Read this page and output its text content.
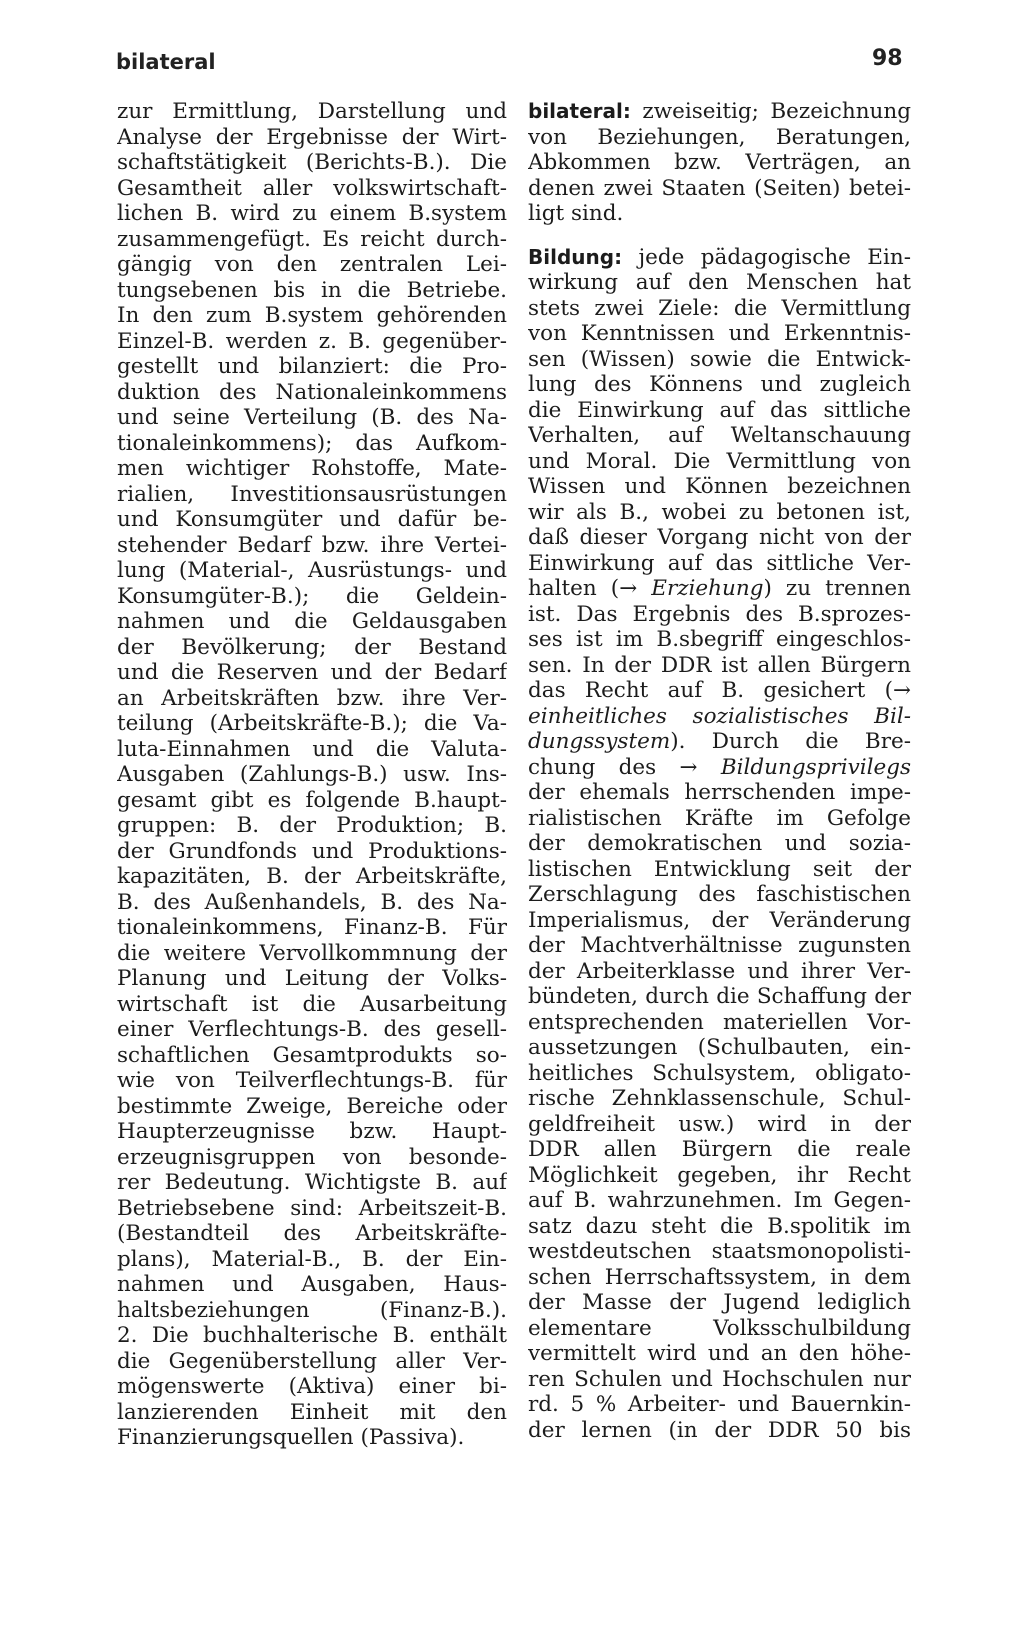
bilateral	98
zur Ermittlung, Darstellung und
Analyse der Ergebnisse der Wirt-
schaftstätigkeit (Berichts-B.). Die
Gesamtheit aller volkswirtschaft-
lichen B. wird zu einem B.system
zusammengefügt. Es reicht durch-
gängig von den zentralen Lei-
tungsebenen bis in die Betriebe.
In den zum B.system gehörenden
Einzel-B. werden z. B. gegenüber-
gestellt und bilanziert: die Pro-
duktion des Nationaleinkommens
und seine Verteilung (B. des Na-
tionaleinkommens); das Aufkom-
men wichtiger Rohstoffe, Mate-
rialien, Investitionsausrüstungen
und Konsumgüter und dafür be-
stehender Bedarf bzw. ihre Vertei-
lung (Material-, Ausrüstungs- und
Konsumgüter-B.); die Geldein-
nahmen und die Geldausgaben
der Bevölkerung; der Bestand
und die Reserven und der Bedarf
an Arbeitskräften bzw. ihre Ver-
teilung (Arbeitskräfte-B.); die Va-
luta-Einnahmen und die Valuta-
Ausgaben (Zahlungs-B.) usw. Ins-
gesamt gibt es folgende B.haupt-
gruppen: B. der Produktion; B.
der Grundfonds und Produktions-
kapazitäten, B. der Arbeitskräfte,
B. des Außenhandels, B. des Na-
tionaleinkommens, Finanz-B. Für
die weitere Vervollkommnung der
Planung und Leitung der Volks-
wirtschaft ist die Ausarbeitung
einer Verflechtungs-B. des gesell-
schaftlichen Gesamtprodukts so-
wie von Teilverflechtungs-B. für
bestimmte Zweige, Bereiche oder
Haupterzeugnisse bzw. Haupt-
erzeugnisgruppen von besonde-
rer Bedeutung. Wichtigste B. auf
Betriebsebene sind: Arbeitszeit-B.
(Bestandteil des Arbeitskräfte-
plans), Material-B., B. der Ein-
nahmen und Ausgaben, Haus-
haltsbeziehungen (Finanz-B.).
2. Die buchhalterische B. enthält
die Gegenüberstellung aller Ver-
mögenswerte (Aktiva) einer bi-
lanzierenden Einheit mit den
Finanzierungsquellen (Passiva).
bilateral: zweiseitig; Bezeichnung
von Beziehungen, Beratungen,
Abkommen bzw. Verträgen, an
denen zwei Staaten (Seiten) betei-
ligt sind.
Bildung: jede pädagogische Ein-
wirkung auf den Menschen hat
stets zwei Ziele: die Vermittlung
von Kenntnissen und Erkenntnis-
sen (Wissen) sowie die Entwick-
lung des Könnens und zugleich
die Einwirkung auf das sittliche
Verhalten, auf Weltanschauung
und Moral. Die Vermittlung von
Wissen und Können bezeichnen
wir als B., wobei zu betonen ist,
daß dieser Vorgang nicht von der
Einwirkung auf das sittliche Ver-
halten (→ Erziehung) zu trennen
ist. Das Ergebnis des B.sprozes-
ses ist im B.sbegriff eingeschlos-
sen. In der DDR ist allen Bürgern
das Recht auf B. gesichert (→
einheitliches sozialistisches Bil-
dungssystem). Durch die Bre-
chung des → Bildungsprivilegs
der ehemals herrschenden impe-
rialistischen Kräfte im Gefolge
der demokratischen und sozia-
listischen Entwicklung seit der
Zerschlagung des faschistischen
Imperialismus, der Veränderung
der Machtverhältnisse zugunsten
der Arbeiterklasse und ihrer Ver-
bündeten, durch die Schaffung der
entsprechenden materiellen Vor-
aussetzungen (Schulbauten, ein-
heitliches Schulsystem, obligato-
rische Zehnklassenschule, Schul-
geldfreiheit usw.) wird in der
DDR allen Bürgern die reale
Möglichkeit gegeben, ihr Recht
auf B. wahrzunehmen. Im Gegen-
satz dazu steht die B.spolitik im
westdeutschen staatsmonopolisti-
schen Herrschaftssystem, in dem
der Masse der Jugend lediglich
elementare Volksschulbildung
vermittelt wird und an den höhe-
ren Schulen und Hochschulen nur
rd. 5 % Arbeiter- und Bauernkin-
der lernen (in der DDR 50 bis
